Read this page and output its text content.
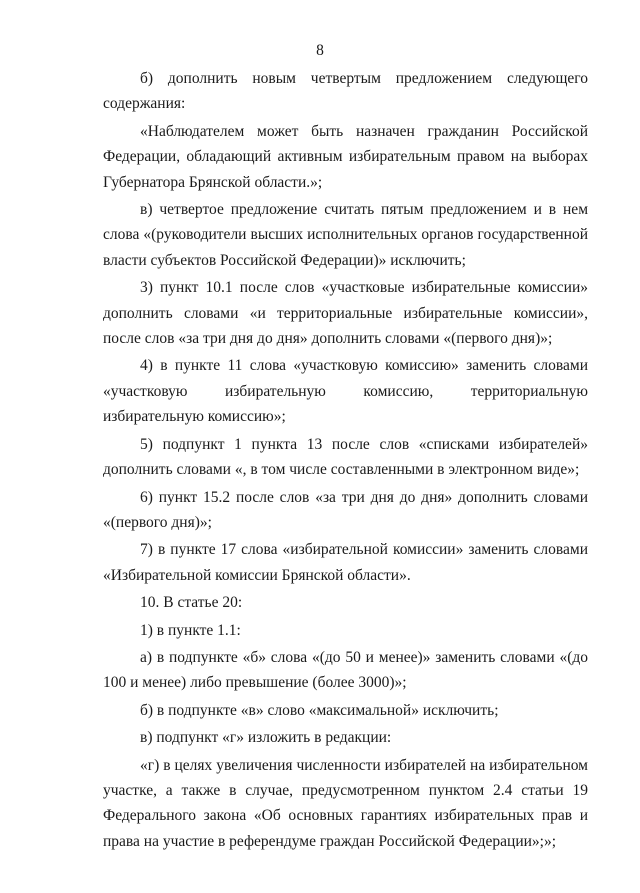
8

б) дополнить новым четвертым предложением следующего содержания:

«Наблюдателем может быть назначен гражданин Российской Федерации, обладающий активным избирательным правом на выборах Губернатора Брянской области.»;

в) четвертое предложение считать пятым предложением и в нем слова «(руководители высших исполнительных органов государственной власти субъектов Российской Федерации)» исключить;

3) пункт 10.1 после слов «участковые избирательные комиссии» дополнить словами «и территориальные избирательные комиссии», после слов «за три дня до дня» дополнить словами «(первого дня)»;

4) в пункте 11 слова «участковую комиссию» заменить словами «участковую избирательную комиссию, территориальную избирательную комиссию»;

5) подпункт 1 пункта 13 после слов «списками избирателей» дополнить словами «, в том числе составленными в электронном виде»;

6) пункт 15.2 после слов «за три дня до дня» дополнить словами «(первого дня)»;

7) в пункте 17 слова «избирательной комиссии» заменить словами «Избирательной комиссии Брянской области».

10. В статье 20:

1) в пункте 1.1:

а) в подпункте «б» слова «(до 50 и менее)» заменить словами «(до 100 и менее) либо превышение (более 3000)»;

б) в подпункте «в» слово «максимальной» исключить;

в) подпункт «г» изложить в редакции:

«г) в целях увеличения численности избирателей на избирательном участке, а также в случае, предусмотренном пунктом 2.4 статьи 19 Федерального закона «Об основных гарантиях избирательных прав и права на участие в референдуме граждан Российской Федерации»;»;
